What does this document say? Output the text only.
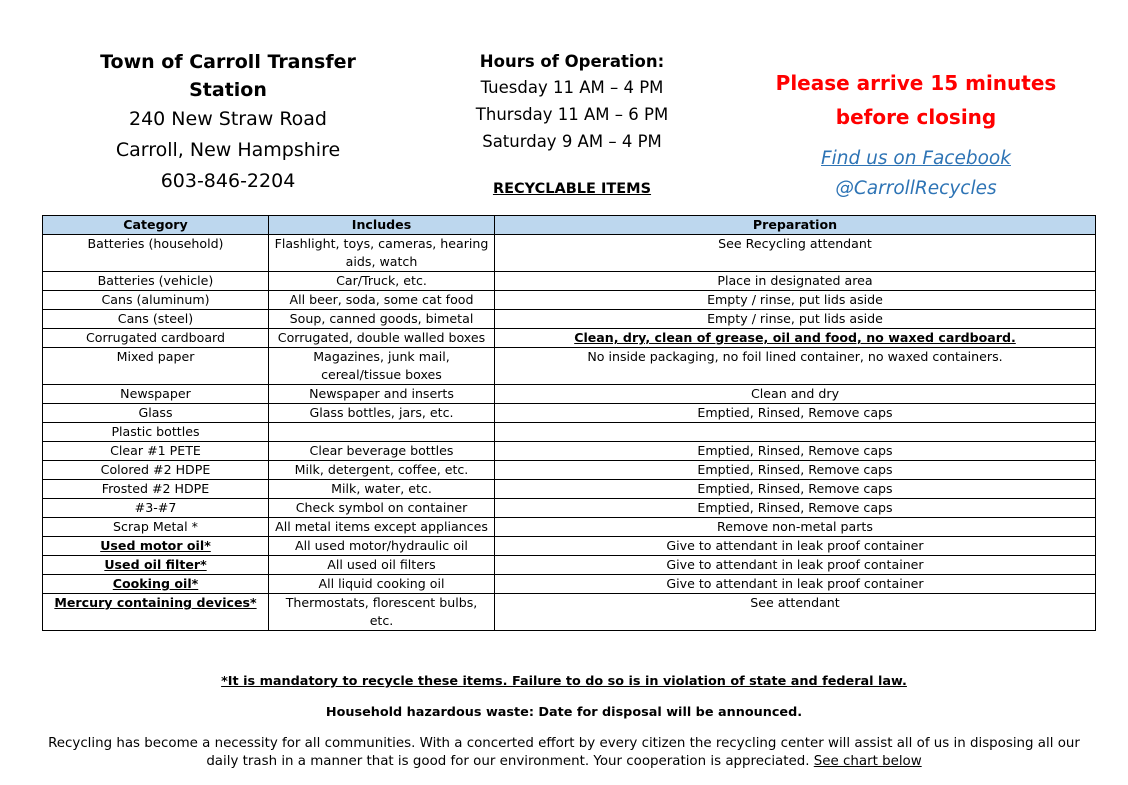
Town of Carroll Transfer Station
240 New Straw Road
Carroll, New Hampshire
603-846-2204
Hours of Operation:
Tuesday 11 AM – 4 PM
Thursday 11 AM – 6 PM
Saturday 9 AM – 4 PM
Please arrive 15 minutes
before closing
Find us on Facebook
@CarrollRecycles
RECYCLABLE ITEMS
Category	Includes	Preparation
Batteries (household)	Flashlight, toys, cameras, hearing aids, watch	See Recycling attendant
Batteries (vehicle)	Car/Truck, etc.	Place in designated area
Cans (aluminum)	All beer, soda, some cat food	Empty / rinse, put lids aside
Cans (steel)	Soup, canned goods, bimetal	Empty / rinse, put lids aside
Corrugated cardboard	Corrugated, double walled boxes	Clean, dry, clean of grease, oil and food, no waxed cardboard.
Mixed paper	Magazines, junk mail, cereal/tissue boxes	No inside packaging, no foil lined container, no waxed containers.
Newspaper	Newspaper and inserts	Clean and dry
Glass	Glass bottles, jars, etc.	Emptied, Rinsed, Remove caps
Plastic bottles		
Clear #1 PETE	Clear beverage bottles	Emptied, Rinsed, Remove caps
Colored #2 HDPE	Milk, detergent, coffee, etc.	Emptied, Rinsed, Remove caps
Frosted #2 HDPE	Milk, water, etc.	Emptied, Rinsed, Remove caps
#3-#7	Check symbol on container	Emptied, Rinsed, Remove caps
Scrap Metal *	All metal items except appliances	Remove non-metal parts
Used motor oil*	All used motor/hydraulic oil	Give to attendant in leak proof container
Used oil filter*	All used oil filters	Give to attendant in leak proof container
Cooking oil*	All liquid cooking oil	Give to attendant in leak proof container
Mercury containing devices*	Thermostats, florescent bulbs, etc.	See attendant
*It is mandatory to recycle these items. Failure to do so is in violation of state and federal law.
Household hazardous waste: Date for disposal will be announced.
Recycling has become a necessity for all communities. With a concerted effort by every citizen the recycling center will assist all of us in disposing all our daily trash in a manner that is good for our environment. Your cooperation is appreciated. See chart below
